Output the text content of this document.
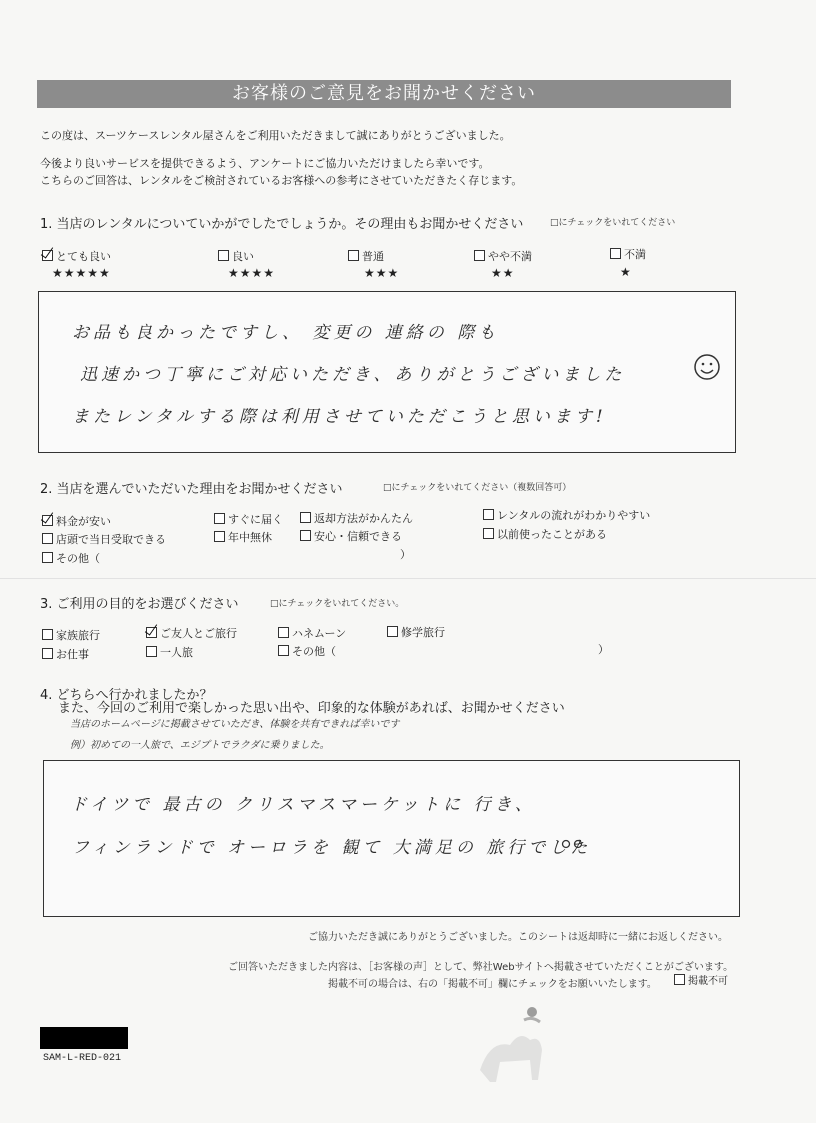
お客様のご意見をお聞かせください
この度は、スーツケースレンタル屋さんをご利用いただきまして誠にありがとうございました。
今後より良いサービスを提供できるよう、アンケートにご協力いただけましたら幸いです。
こちらのご回答は、レンタルをご検討されているお客様への参考にさせていただきたく存じます。
1. 当店のレンタルについていかがでしたでしょうか。その理由もお聞かせください	□にチェックをいれてください
とても良い
★★★★★
良い
★★★★
普通
★★★
やや不満
★★
不満
★
お品も良かったですし、 変更の 連絡の 際も
迅速かつ丁寧にご対応いただき、ありがとうございました
またレンタルする際は利用させていただこうと思います!
2. 当店を選んでいただいた理由をお聞かせください	□にチェックをいれてください（複数回答可）
料金が安い	すぐに届く	返却方法がかんたん	レンタルの流れがわかりやすい
店頭で当日受取できる	年中無休	安心・信頼できる	以前使ったことがある
その他（	）
3. ご利用の目的をお選びください	□にチェックをいれてください。
家族旅行	ご友人とご旅行	ハネムーン	修学旅行
お仕事	一人旅	その他（	）
4. どちらへ行かれましたか？
また、今回のご利用で楽しかった思い出や、印象的な体験があれば、お聞かせください
当店のホームページに掲載させていただき、体験を共有できれば幸いです
例）初めての一人旅で、エジプトでラクダに乗りました。
ドイツで 最古の クリスマスマーケットに 行き、
フィンランドで オーロラを 観て 大満足の 旅行でした
ご協力いただき誠にありがとうございました。このシートは返却時に一緒にお返しください。
ご回答いただきました内容は、［お客様の声］として、弊社Webサイトへ掲載させていただくことがございます。
掲載不可の場合は、右の「掲載不可」欄にチェックをお願いいたします。	掲載不可
SAM-L-RED-021
